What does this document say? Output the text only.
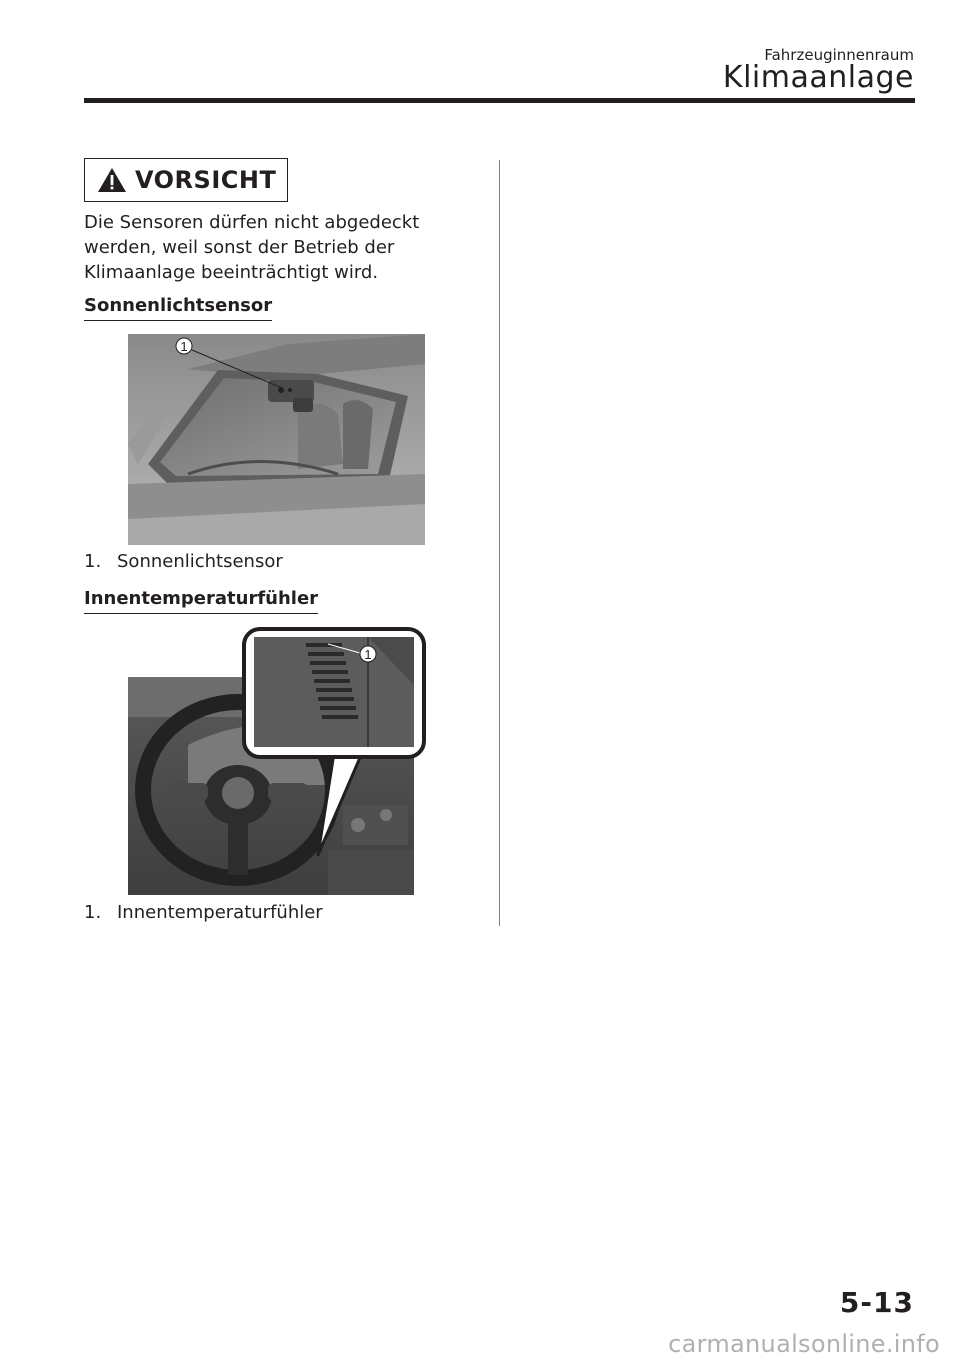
Fahrzeuginnenraum
Klimaanlage
VORSICHT
Die Sensoren dürfen nicht abgedeckt werden, weil sonst der Betrieb der Klimaanlage beeinträchtigt wird.
Sonnenlichtsensor
1
1. Sonnenlichtsensor
Innentemperaturfühler
1
1. Innentemperaturfühler
5-13
carmanualsonline.info
